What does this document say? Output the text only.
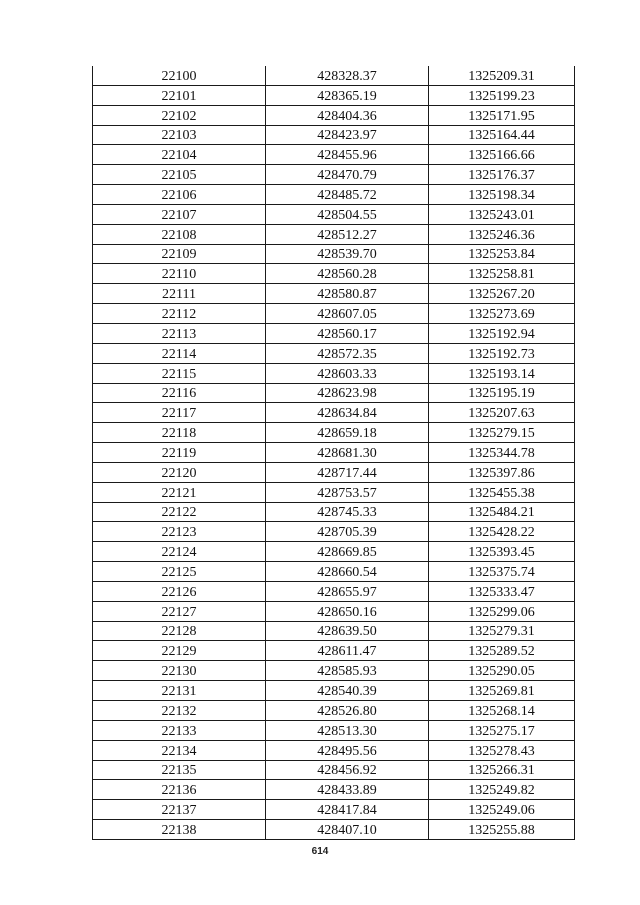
22100	428328.37	1325209.31
22101	428365.19	1325199.23
22102	428404.36	1325171.95
22103	428423.97	1325164.44
22104	428455.96	1325166.66
22105	428470.79	1325176.37
22106	428485.72	1325198.34
22107	428504.55	1325243.01
22108	428512.27	1325246.36
22109	428539.70	1325253.84
22110	428560.28	1325258.81
22111	428580.87	1325267.20
22112	428607.05	1325273.69
22113	428560.17	1325192.94
22114	428572.35	1325192.73
22115	428603.33	1325193.14
22116	428623.98	1325195.19
22117	428634.84	1325207.63
22118	428659.18	1325279.15
22119	428681.30	1325344.78
22120	428717.44	1325397.86
22121	428753.57	1325455.38
22122	428745.33	1325484.21
22123	428705.39	1325428.22
22124	428669.85	1325393.45
22125	428660.54	1325375.74
22126	428655.97	1325333.47
22127	428650.16	1325299.06
22128	428639.50	1325279.31
22129	428611.47	1325289.52
22130	428585.93	1325290.05
22131	428540.39	1325269.81
22132	428526.80	1325268.14
22133	428513.30	1325275.17
22134	428495.56	1325278.43
22135	428456.92	1325266.31
22136	428433.89	1325249.82
22137	428417.84	1325249.06
22138	428407.10	1325255.88
614
